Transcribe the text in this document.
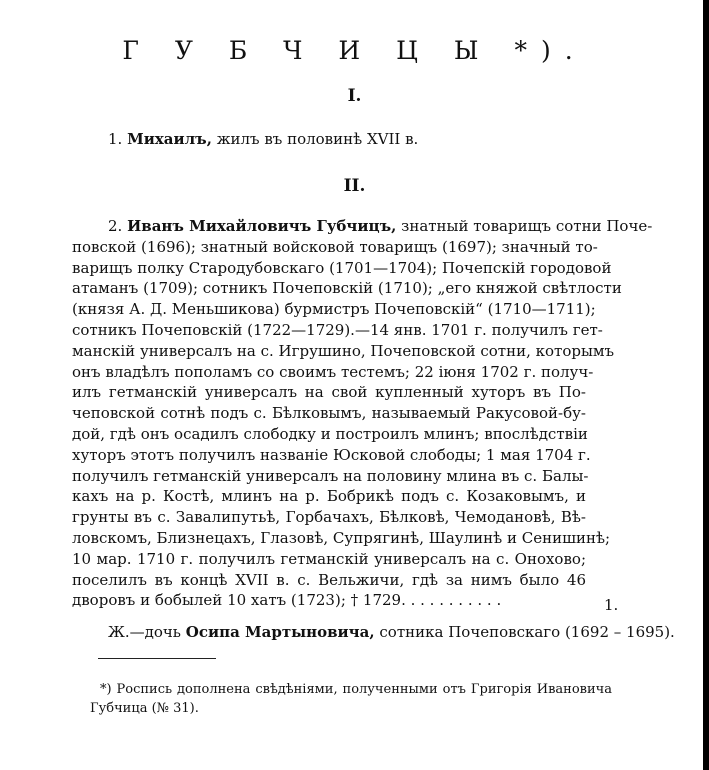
Г У Б Ч И Ц Ы *).
I.
1. Михаилъ, жилъ въ половинѣ XVII в.
II.
2. Иванъ Михайловичъ Губчицъ, знатный товарищъ сотни Поче-
повской (1696); знатный войсковой товарищъ (1697); значный то-
варищъ полку Стародубовскаго (1701—1704); Почепскій городовой
атаманъ (1709); сотникъ Почеповскій (1710); „его княжой свѣтлости
(князя А. Д. Меньшикова) бурмистръ Почеповскій“ (1710—1711);
сотникъ Почеповскій (1722—1729).—14 янв. 1701 г. получилъ гет-
манскій универсалъ на с. Игрушино, Почеповской сотни, которымъ
онъ владѣлъ пополамъ со своимъ тестемъ; 22 іюня 1702 г. получ-
илъ гетманскій универсалъ на свой купленный хуторъ въ По-
чеповской сотнѣ подъ с. Бѣлковымъ, называемый Ракусовой-бу-
дой, гдѣ онъ осадилъ слободку и построилъ млинъ; впослѣдствіи
хуторъ этотъ получилъ названіе Юсковой слободы; 1 мая 1704 г.
получилъ гетманскій универсалъ на половину млина въ с. Балы-
кахъ на р. Костѣ, млинъ на р. Бобрикѣ подъ с. Козаковымъ, и
грунты въ с. Завалипутьѣ, Горбачахъ, Бѣлковѣ, Чемодановѣ, Вѣ-
ловскомъ, Близнецахъ, Глазовѣ, Супрягинѣ, Шаулинѣ и Сенишинѣ;
10 мар. 1710 г. получилъ гетманскій универсалъ на с. Онохово;
поселилъ въ концѣ XVII в. с. Вельжичи, гдѣ за нимъ было 46
дворовъ и бобылей 10 хатъ (1723); † 1729. . . . . . . . . . .	1.
Ж.—дочь Осипа Мартыновича, сотника Почеповскаго (1692 – 1695).
*) Роспись дополнена свѣдѣніями, полученными отъ Григорія Ивановича
Губчица (№ 31).
